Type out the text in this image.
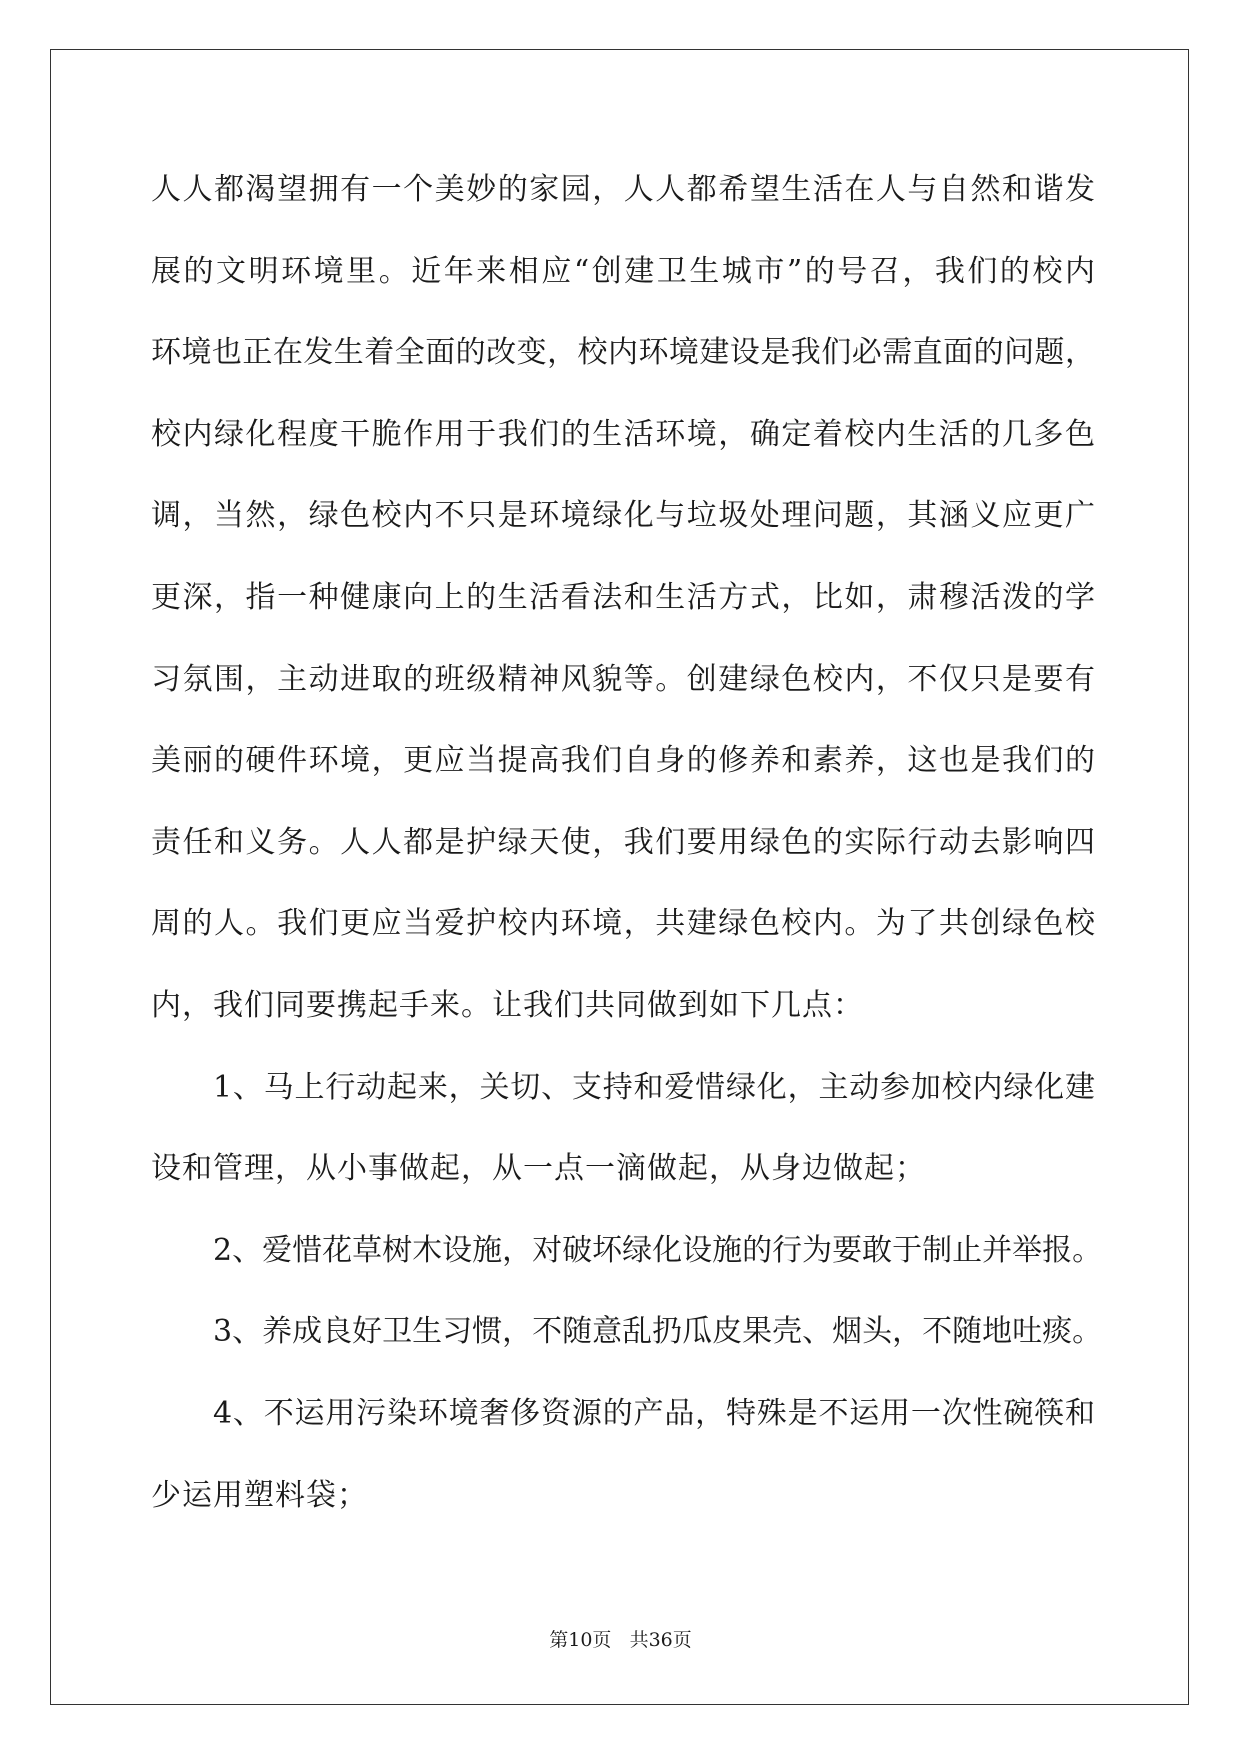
人人都渴望拥有一个美妙的家园，人人都希望生活在人与自然和谐发
展的文明环境里。近年来相应“创建卫生城市”的号召，我们的校内
环境也正在发生着全面的改变，校内环境建设是我们必需直面的问题，
校内绿化程度干脆作用于我们的生活环境，确定着校内生活的几多色
调，当然，绿色校内不只是环境绿化与垃圾处理问题，其涵义应更广
更深，指一种健康向上的生活看法和生活方式，比如，肃穆活泼的学
习氛围，主动进取的班级精神风貌等。创建绿色校内，不仅只是要有
美丽的硬件环境，更应当提高我们自身的修养和素养，这也是我们的
责任和义务。人人都是护绿天使，我们要用绿色的实际行动去影响四
周的人。我们更应当爱护校内环境，共建绿色校内。为了共创绿色校
内，我们同要携起手来。让我们共同做到如下几点：
1、马上行动起来，关切、支持和爱惜绿化，主动参加校内绿化建
设和管理，从小事做起，从一点一滴做起，从身边做起；
2、爱惜花草树木设施，对破坏绿化设施的行为要敢于制止并举报。
3、养成良好卫生习惯，不随意乱扔瓜皮果壳、烟头，不随地吐痰。
4、不运用污染环境奢侈资源的产品，特殊是不运用一次性碗筷和
少运用塑料袋；
第10页 共36页
